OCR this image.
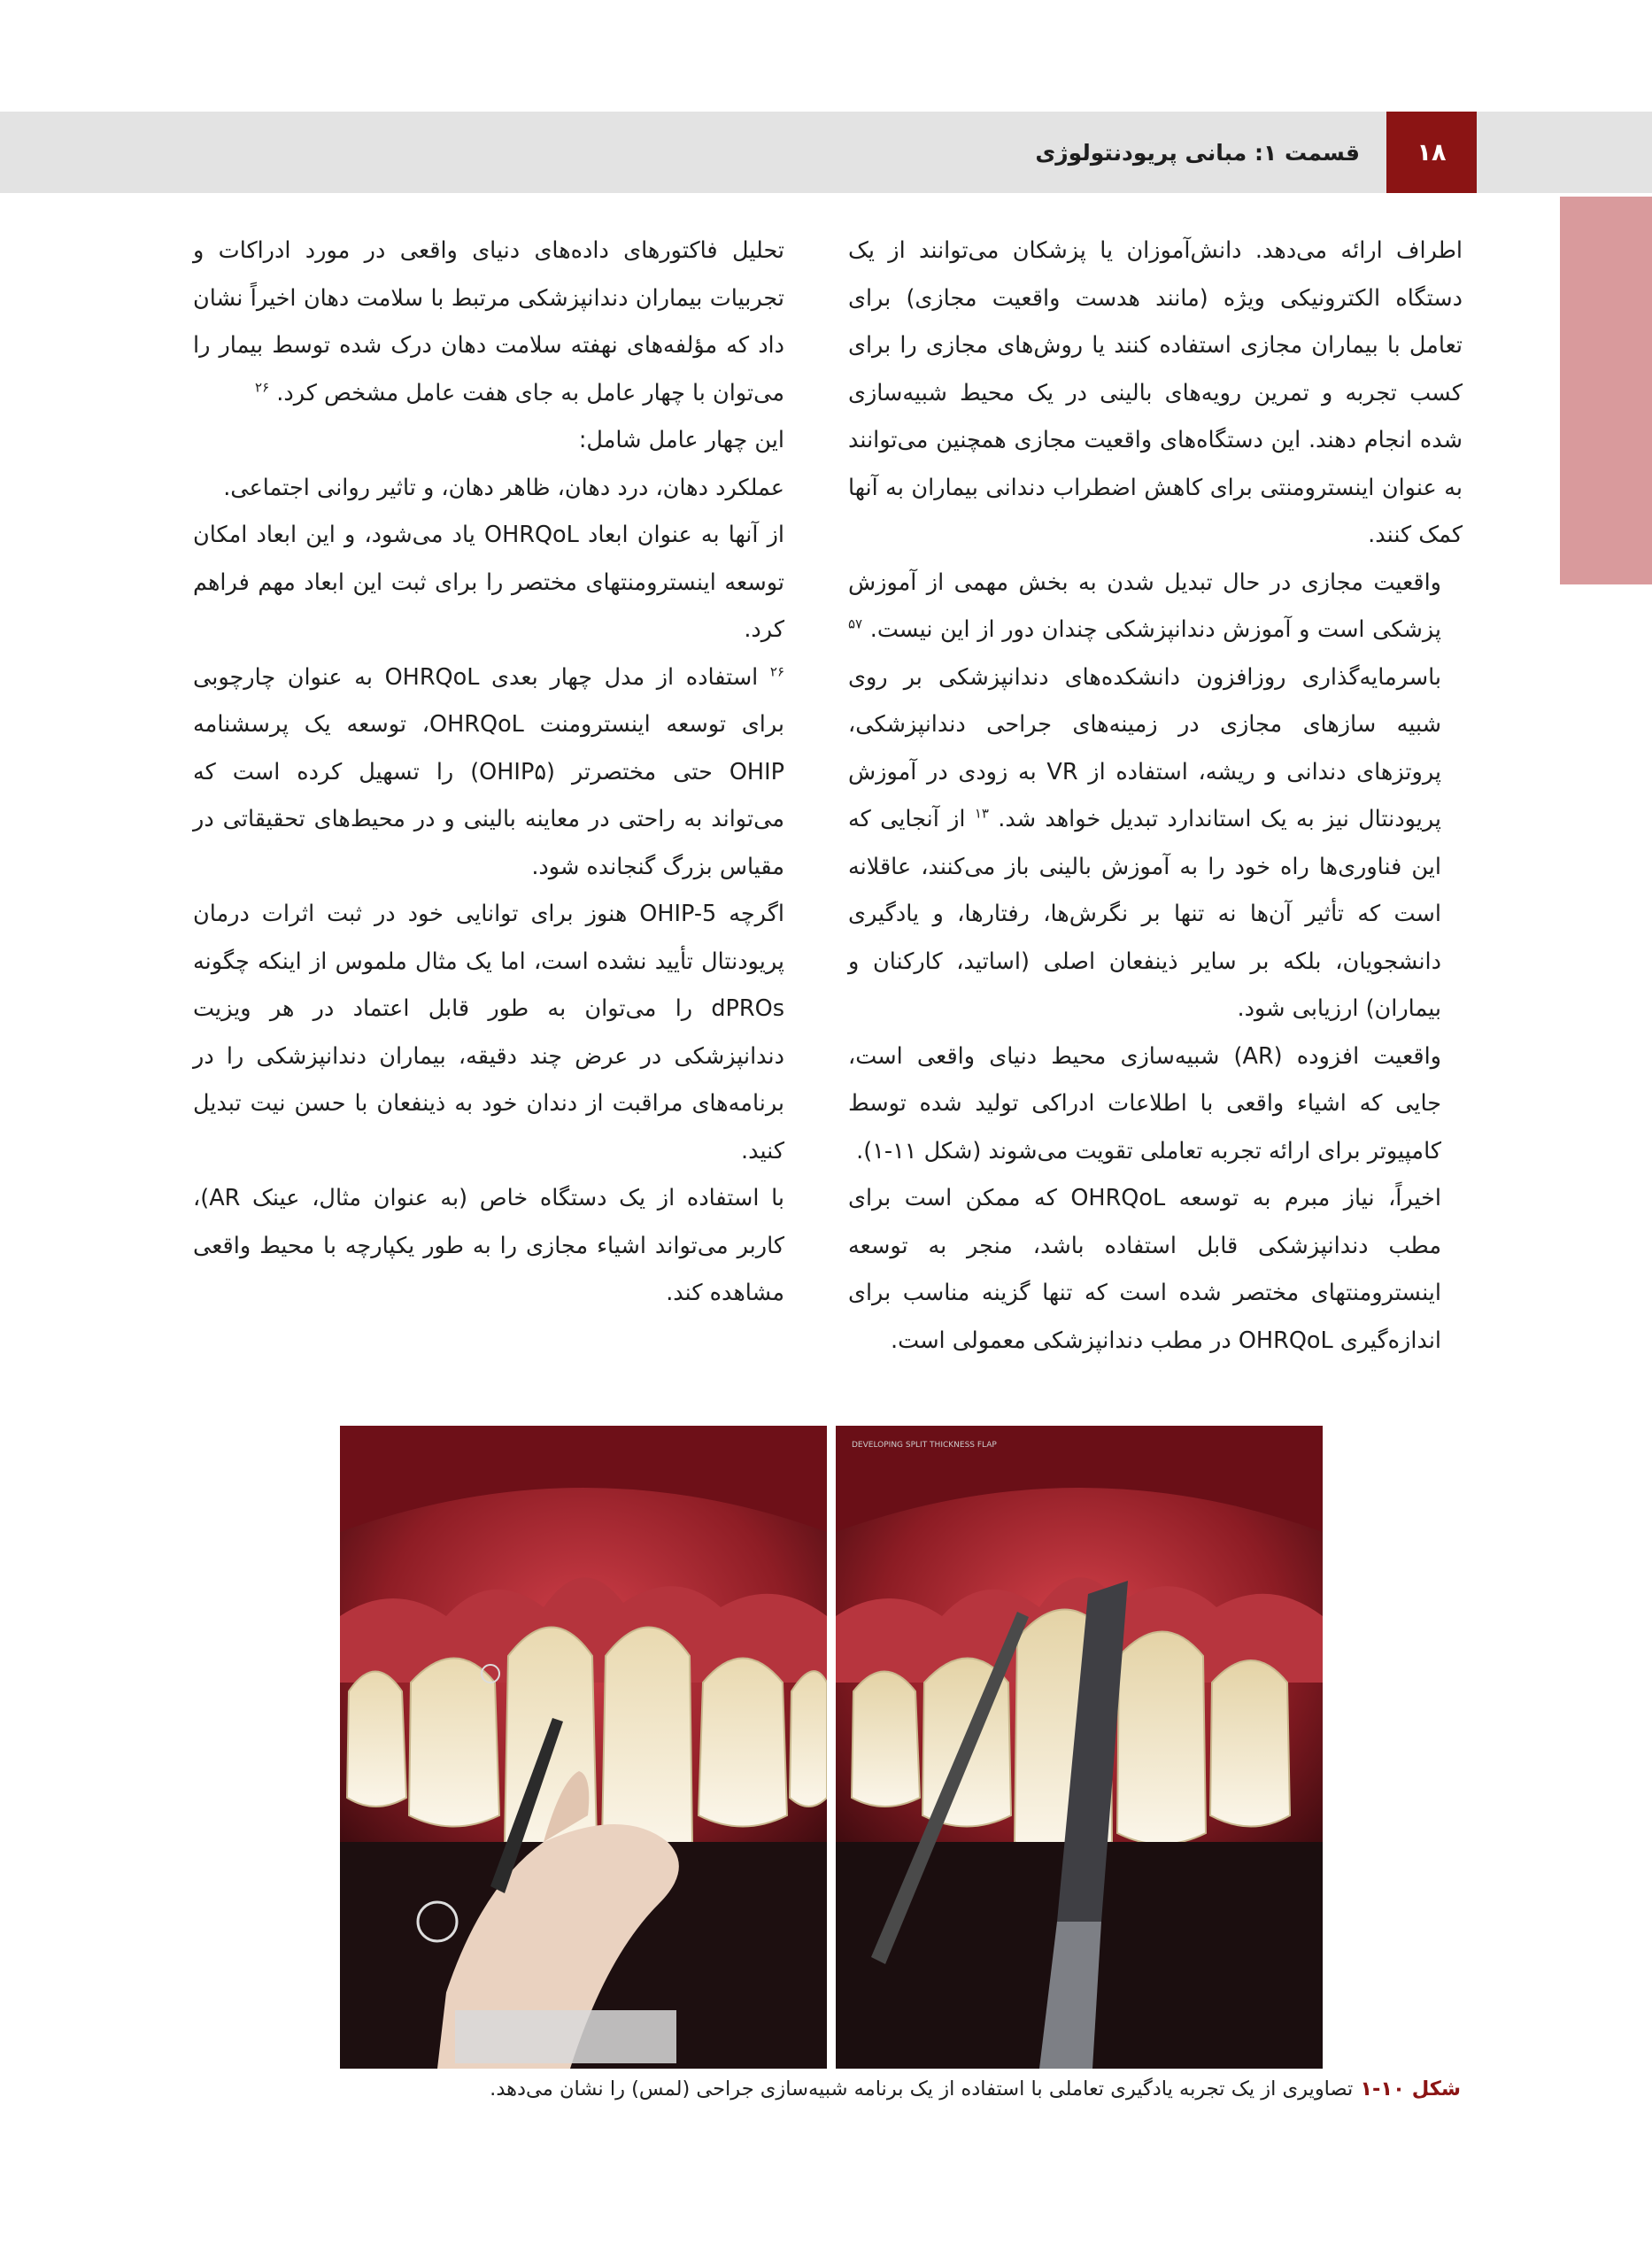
۱۸
قسمت ۱: مبانی پریودنتولوژی

اطراف ارائه می‌دهد. دانش‌آموزان یا پزشکان می‌توانند از یک دستگاه الکترونیکی ویژه (مانند هدست واقعیت مجازی) برای تعامل با بیماران مجازی استفاده کنند یا روش‌های مجازی را برای کسب تجربه و تمرین رویه‌های بالینی در یک محیط شبیه‌سازی شده انجام دهند. این دستگاه‌های واقعیت مجازی همچنین می‌توانند به عنوان اینسترومنتی برای کاهش اضطراب دندانی بیماران به آنها کمک کنند.

واقعیت مجازی در حال تبدیل شدن به بخش مهمی از آموزش پزشکی است و آموزش دندانپزشکی چندان دور از این نیست. $^{۵۷}$ باسرمایه‌گذاری روزافزون دانشکده‌های دندانپزشکی بر روی شبیه سازهای مجازی در زمینه‌های جراحی دندانپزشکی، پروتزهای دندانی و ریشه، استفاده از VR به زودی در آموزش پریودنتال نیز به یک استاندارد تبدیل خواهد شد. $^{۱۳}$ از آنجایی که این فناوری‌ها راه خود را به آموزش بالینی باز می‌کنند، عاقلانه است که تأثیر آن‌ها نه تنها بر نگرش‌ها، رفتارها، و یادگیری دانشجویان، بلکه بر سایر ذینفعان اصلی (اساتید، کارکنان و بیماران) ارزیابی شود.

واقعیت افزوده (AR) شبیه‌سازی محیط دنیای واقعی است، جایی که اشیاء واقعی با اطلاعات ادراکی تولید شده توسط کامپیوتر برای ارائه تجربه تعاملی تقویت می‌شوند (شکل ۱۱-۱).

اخیراً، نیاز مبرم به توسعه OHRQoL که ممکن است برای مطب دندانپزشکی قابل استفاده باشد، منجر به توسعه اینسترومنتهای مختصر شده است که تنها گزینه مناسب برای اندازه‌گیری OHRQoL در مطب دندانپزشکی معمولی است.

تحلیل فاکتورهای داده‌های دنیای واقعی در مورد ادراکات و تجربیات بیماران دندانپزشکی مرتبط با سلامت دهان اخیراً نشان داد که مؤلفه‌های نهفته سلامت دهان درک شده توسط بیمار را می‌توان با چهار عامل به جای هفت عامل مشخص کرد. $^{۲۶}$

این چهار عامل شامل:

عملکرد دهان، درد دهان، ظاهر دهان، و تاثیر روانی اجتماعی.

از آنها به عنوان ابعاد OHRQoL یاد می‌شود، و این ابعاد امکان توسعه اینسترومنتهای مختصر را برای ثبت این ابعاد مهم فراهم کرد.
$^{۲۶}$ استفاده از مدل چهار بعدی OHRQoL به عنوان چارچوبی برای توسعه اینسترومنت OHRQoL، توسعه یک پرسشنامه OHIP حتی مختصرتر (OHIP۵) را تسهیل کرده است که می‌تواند به راحتی در معاینه بالینی و در محیط‌های تحقیقاتی در مقیاس بزرگ گنجانده شود.

اگرچه OHIP-5 هنوز برای توانایی خود در ثبت اثرات درمان پریودنتال تأیید نشده است، اما یک مثال ملموس از اینکه چگونه dPROs را می‌توان به طور قابل اعتماد در هر ویزیت دندانپزشکی در عرض چند دقیقه، بیماران دندانپزشکی را در برنامه‌های مراقبت از دندان خود به ذینفعان با حسن نیت تبدیل کنید.

با استفاده از یک دستگاه خاص (به عنوان مثال، عینک AR)، کاربر می‌تواند اشیاء مجازی را به طور یکپارچه با محیط واقعی مشاهده کند.

DEVELOPING SPLIT THICKNESS FLAP
شکل ۱۰-۱تصاویری از یک تجربه یادگیری تعاملی با استفاده از یک برنامه شبیه‌سازی جراحی (لمس) را نشان می‌دهد.
